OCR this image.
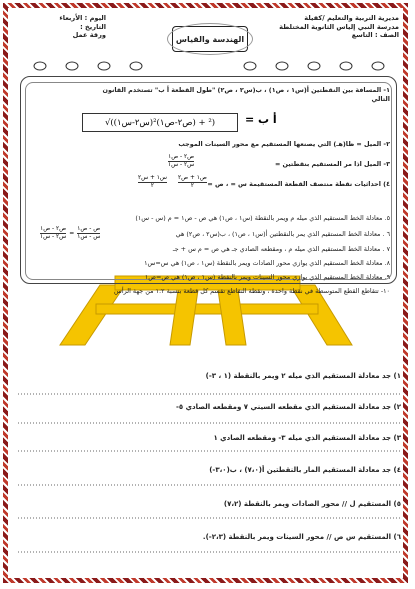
مديرية التربية والتعليم /كفيلة
مدرسة النبي إلياس الثانوية المختلطة
الصف : التاسع
الهندسة والقياس
اليوم : الأربعاء
التاريخ :
ورقة عمل
١- المسافة بين النقطتين أ(س١ ، ص١) ، ب(س٢ ، ص٢) "طول القطعة أ ب" تستخدم القانون
التالي
٢- الميل = ظا(هـ) التي يصنعها المستقيم مع محور السينات الموجب
٣- الميل اذا مر المستقيم بنقطتين =
٤) احداثيات نقطة منتصف القطعة المستقيمة س = ، ص =
٥. معادلة الخط المستقيم الذي ميله م ويمر بالنقطة (س١ ، ص١) هي ص - ص١ = م (س - س١)
٦ . معادلة الخط المستقيم الذي يمر بالنقطتين أ(س١ ، ص١) ، ب(س٢ ، ص٢) هي
٧ . معادلة الخط المستقيم الذي ميله م ، ومقطعه الصادي جـ هي ص = م س + جـ
٨. معادلة الخط المستقيم الذي يوازي محور الصادات ويمر بالنقطة (س١ ، ص١) هي س=س١
٩. معادلة الخط المستقيم الذي يوازي محور السينات ويمر بالنقطة (س١ ، ص١) هي ص=ص١
١٠- تتقاطع القطع المتوسطة في نقطة واحدة ، ونقطة التقاطع تقسم كل قطعة بنسبة ١:٢ من جهة الرأس
√((س٢-س١)² + (ص٢-ص١)²)	أ ب =
ص٢ - ص١
س٢ - س١
س١ + س٢
٢
ص١ + ص٢
٢
$\frac{\text{ص٢ - ص١}}{\text{س٢ - س١}} = \frac{\text{ص - ص١}}{\text{س - س١}}$
١) جد معادلة المستقيم الذي ميله ٢ ويمر بالنقطة (١ ، ٣-)
٢) جد معادلة المستقيم الذي مقطعه السيني ٧ ومقطعه الصادي ٥-
٣) جد معادلة المستقيم الذي ميله ٣- ومقطعه الصادي ١
٤) جد معادلة المستقيم المار بالنقطتين أ(٧،٠) ، ب(٣،٠-)
٥) المستقيم ل // محور الصادات ويمر بالنقطة (٧،٢)
٦) المستقيم س ص // محور السينات ويمر بالنقطة (٢،٣-).
